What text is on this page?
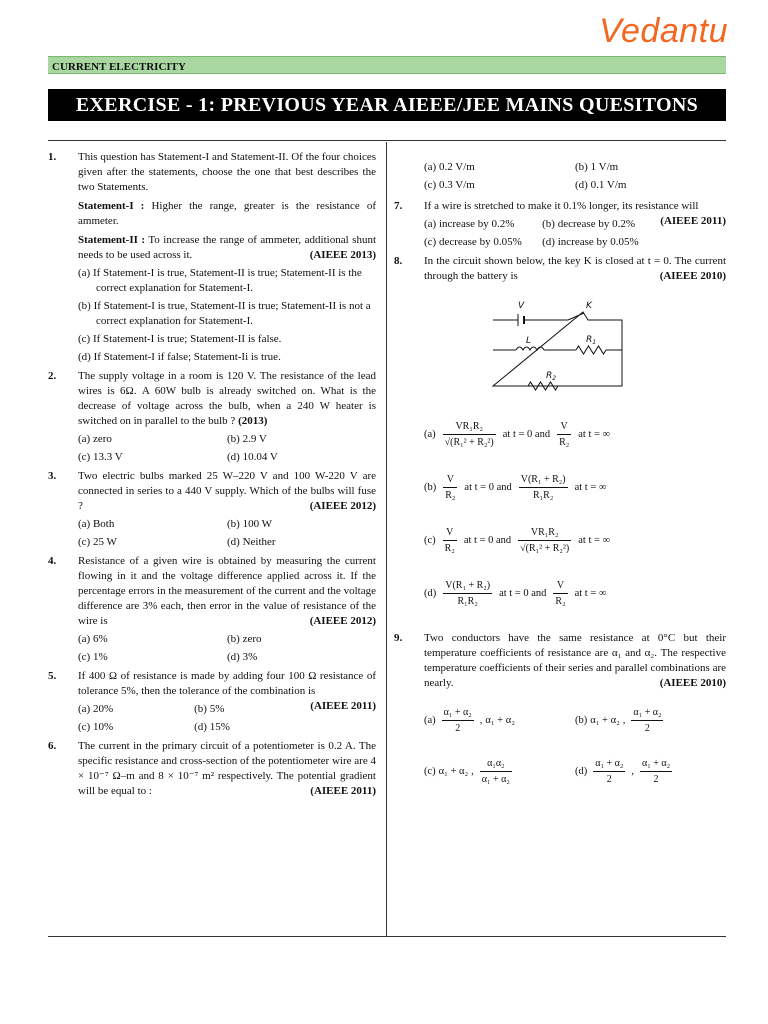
Vedantu
CURRENT ELECTRICITY
EXERCISE - 1: PREVIOUS YEAR AIEEE/JEE MAINS QUESITONS
1. This question has Statement-I and Statement-II. Of the four choices given after the statements, choose the one that best describes the two Statements.
Statement-I : Higher the range, greater is the resistance of ammeter.
Statement-II : To increase the range of ammeter, additional shunt needs to be used across it.	(AIEEE 2013)
(a) If Statement-I is true, Statement-II is true; Statement-II is the correct explanation for Statement-I.
(b) If Statement-I is true, Statement-II is true; Statement-II is not a correct explanation for Statement-I.
(c) If Statement-I is true; Statement-II is false.
(d) If Statement-I if false; Statement-Ii is true.
2. The supply voltage in a room is 120 V. The resistance of the lead wires is 6Ω. A 60W bulb is already switched on. What is the decrease of voltage across the bulb, when a 240 W heater is switched on in parallel to the bulb ? (2013)
(a) zero	(b) 2.9 V
(c) 13.3 V	(d) 10.04 V
3. Two electric bulbs marked 25 W–220 V and 100 W-220 V are connected in series to a 440 V supply. Which of the bulbs will fuse ?	(AIEEE 2012)
(a) Both	(b) 100 W
(c) 25 W	(d) Neither
4. Resistance of a given wire is obtained by measuring the current flowing in it and the voltage difference applied across it. If the percentage errors in the measurement of the current and the voltage difference are 3% each, then error in the value of resistance of the wire is	(AIEEE 2012)
(a) 6%	(b) zero
(c) 1%	(d) 3%
5. If 400 Ω of resistance is made by adding four 100 Ω resistance of tolerance 5%, then the tolerance of the combination is
(AIEEE 2011)
(a) 20%	(b) 5%
(c) 10%	(d) 15%
6. The current in the primary circuit of a potentiometer is 0.2 A. The specific resistance and cross-section of the potentiometer wire are 4 × 10⁻⁷ Ω–m and 8 × 10⁻⁷ m² respectively. The potential gradient will be equal to :	(AIEEE 2011)
(a) 0.2 V/m	(b) 1 V/m
(c) 0.3 V/m	(d) 0.1 V/m
7. If a wire is stretched to make it 0.1% longer, its resistance will
(AIEEE 2011)
(a) increase by 0.2%	(b) decrease by 0.2%
(c) decrease by 0.05%	(d) increase by 0.05%
8. In the circuit shown below, the key K is closed at t = 0. The current through the battery is	(AIEEE 2010)
V	K
L	$R_1$
$R_2$
(a)
VR₁R₂
√(R₁² + R₂²)
at t = 0 and
V
R₂
at t = ∞
(b)
V
R₂
at t = 0 and
V(R₁ + R₂)
R₁R₂
at t = ∞
(c)
V
R₂
at t = 0 and
VR₁R₂
√(R₁² + R₂²)
at t = ∞
(d)
V(R₁ + R₂)
R₁R₂
at t = 0 and
V
R₂
at t = ∞
9. Two conductors have the same resistance at 0°C but their temperature coefficients of resistance are α₁ and α₂. The respective temperature coefficients of their series and parallel combinations are nearly.	(AIEEE 2010)
(a)
α₁ + α₂
2
, α₁ + α₂	(b) α₁ + α₂ ,
α₁ + α₂
2
(c) α₁ + α₂ ,
α₁α₂
α₁ + α₂
(d)
α₁ + α₂
2
,
α₁ + α₂
2
